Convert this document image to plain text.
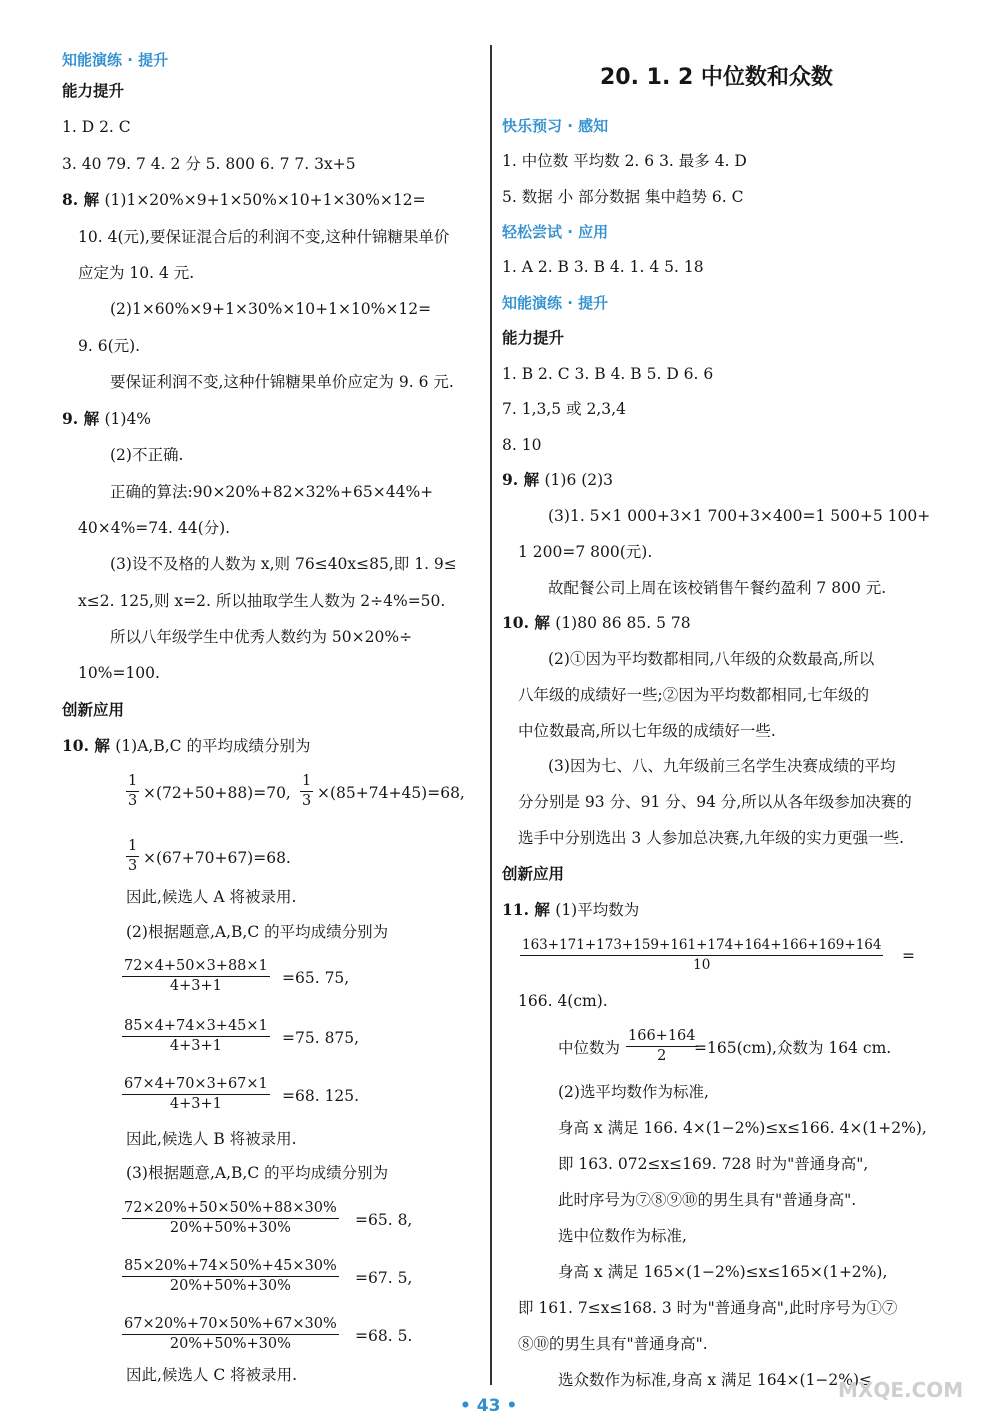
知能演练 · 提升
能力提升
1. D 2. C
3. 40 79. 7 4. 2 分 5. 800 6. 7 7. 3x+5
8. 解 (1)1×20%×9+1×50%×10+1×30%×12=
10. 4(元),要保证混合后的利润不变,这种什锦糖果单价
应定为 10. 4 元.
(2)1×60%×9+1×30%×10+1×10%×12=
9. 6(元).
要保证利润不变,这种什锦糖果单价应定为 9. 6 元.
9. 解 (1)4%
(2)不正确.
正确的算法:90×20%+82×32%+65×44%+
40×4%=74. 44(分).
(3)设不及格的人数为 x,则 76≤40x≤85,即 1. 9≤
x≤2. 125,则 x=2. 所以抽取学生人数为 2÷4%=50.
所以八年级学生中优秀人数约为 50×20%÷
10%=100.
创新应用
10. 解 (1)A,B,C 的平均成绩分别为
$\frac{1}{3} \times(72+50+88)=70$, $\frac{1}{3} \times(85+74+45)=68$,
$\frac{1}{3} \times(67+70+67)=68$.
因此,候选人 A 将被录用.
(2)根据题意,A,B,C 的平均成绩分别为
$\frac{72\times 4+50\times 3+88\times 1}{4+3+1} =65$. 75,
$\frac{85\times 4+74\times 3+45\times 1}{4+3+1} =75$. 875,
$\frac{67\times 4+70\times 3+67\times 1}{4+3+1} =68$. 125.
因此,候选人 B 将被录用.
(3)根据题意,A,B,C 的平均成绩分别为
$\frac{72\times 20\%+50\times 50\%+88\times 30\%}{20\%+50\%+30\%} =65$. 8,
$\frac{85\times 20\%+74\times 50\%+45\times 30\%}{20\%+50\%+30\%} =67$. 5,
$\frac{67\times 20\%+70\times 50\%+67\times 30\%}{20\%+50\%+30\%} =68$. 5.
因此,候选人 C 将被录用.
20. 1. 2 中位数和众数
快乐预习 · 感知
1. 中位数 平均数 2. 6 3. 最多 4. D
5. 数据 小 部分数据 集中趋势 6. C
轻松尝试 · 应用
1. A 2. B 3. B 4. 1. 4 5. 18
知能演练 · 提升
能力提升
1. B 2. C 3. B 4. B 5. D 6. 6
7. 1,3,5 或 2,3,4
8. 10
9. 解 (1)6 (2)3
(3)1. 5×1 000+3×1 700+3×400=1 500+5 100+
1 200=7 800(元).
故配餐公司上周在该校销售午餐约盈利 7 800 元.
10. 解 (1)80 86 85. 5 78
(2)①因为平均数都相同,八年级的众数最高,所以
八年级的成绩好一些;②因为平均数都相同,七年级的
中位数最高,所以七年级的成绩好一些.
(3)因为七、八、九年级前三名学生决赛成绩的平均
分分别是 93 分、91 分、94 分,所以从各年级参加决赛的
选手中分别选出 3 人参加总决赛,九年级的实力更强一些.
创新应用
11. 解 (1)平均数为
$\frac{163+171+173+159+161+174+164+166+169+164}{10}$ =
166. 4(cm).
中位数为 $\frac{166+164}{2}$
=165(cm),众数为 164 cm.
(2)选平均数作为标准,
身高 x 满足 166. 4×(1−2%)≤x≤166. 4×(1+2%),
即 163. 072≤x≤169. 728 时为"普通身高",
此时序号为⑦⑧⑨⑩的男生具有"普通身高".
选中位数作为标准,
身高 x 满足 165×(1−2%)≤x≤165×(1+2%),
即 161. 7≤x≤168. 3 时为"普通身高",此时序号为①⑦
⑧⑩的男生具有"普通身高".
选众数作为标准,身高 x 满足 164×(1−2%)≤
• 43 •
MXQE.COM
